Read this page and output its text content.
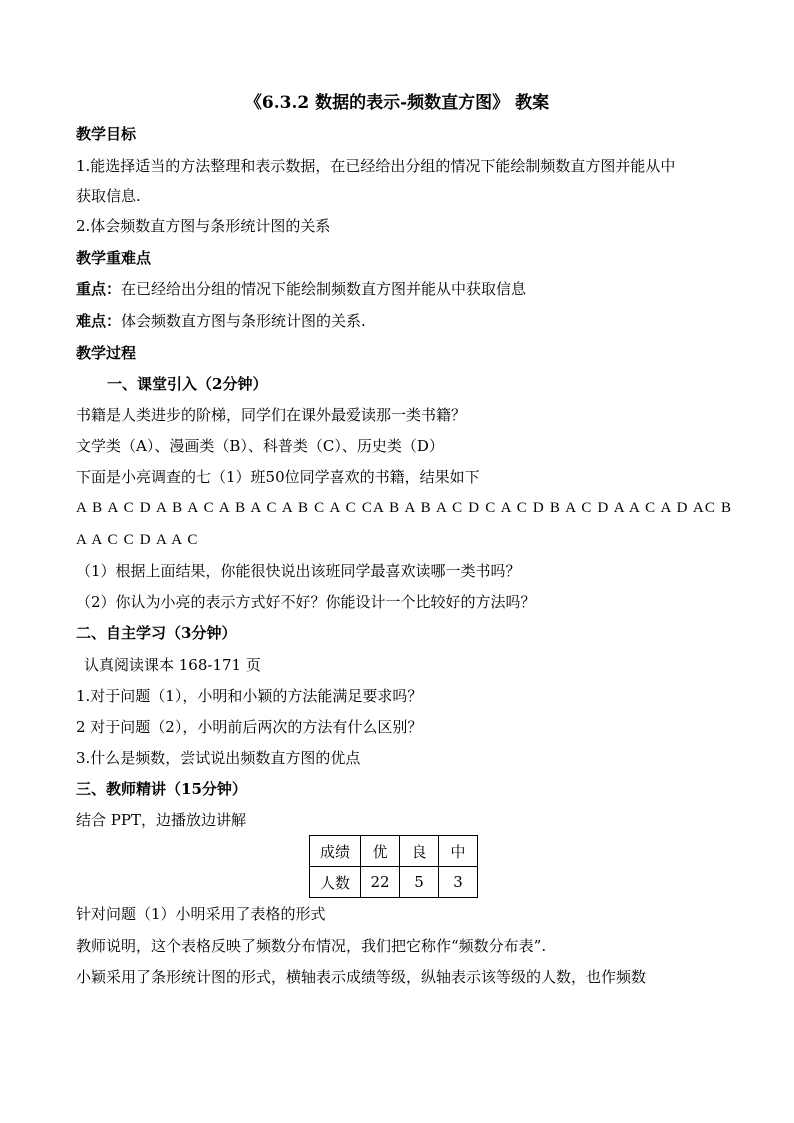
《6.3.2 数据的表示-频数直方图》 教案
教学目标
1.能选择适当的方法整理和表示数据，在已经给出分组的情况下能绘制频数直方图并能从中
获取信息.
2.体会频数直方图与条形统计图的关系
教学重难点
重点：在已经给出分组的情况下能绘制频数直方图并能从中获取信息
难点：体会频数直方图与条形统计图的关系.
教学过程
一、课堂引入（2分钟）
书籍是人类进步的阶梯，同学们在课外最爱读那一类书籍？
文学类（A）、漫画类（B）、科普类（C）、历史类（D）
下面是小亮调查的七（1）班50位同学喜欢的书籍，结果如下
A B A C D A B A C A B A C A B C A C CA B A B A C D C A C D B A C D A A C A D AC B
A A C C D A A C
（1）根据上面结果，你能很快说出该班同学最喜欢读哪一类书吗？
（2）你认为小亮的表示方式好不好？你能设计一个比较好的方法吗？
二、自主学习（3分钟）
认真阅读课本 168-171 页
1.对于问题（1），小明和小颖的方法能满足要求吗？
2 对于问题（2），小明前后两次的方法有什么区别？
3.什么是频数，尝试说出频数直方图的优点
三、教师精讲（15分钟）
结合 PPT，边播放边讲解
成绩	优	良	中
人数	22	5	3
针对问题（1）小明采用了表格的形式
教师说明，这个表格反映了频数分布情况，我们把它称作“频数分布表”.
小颖采用了条形统计图的形式，横轴表示成绩等级，纵轴表示该等级的人数，也作频数
